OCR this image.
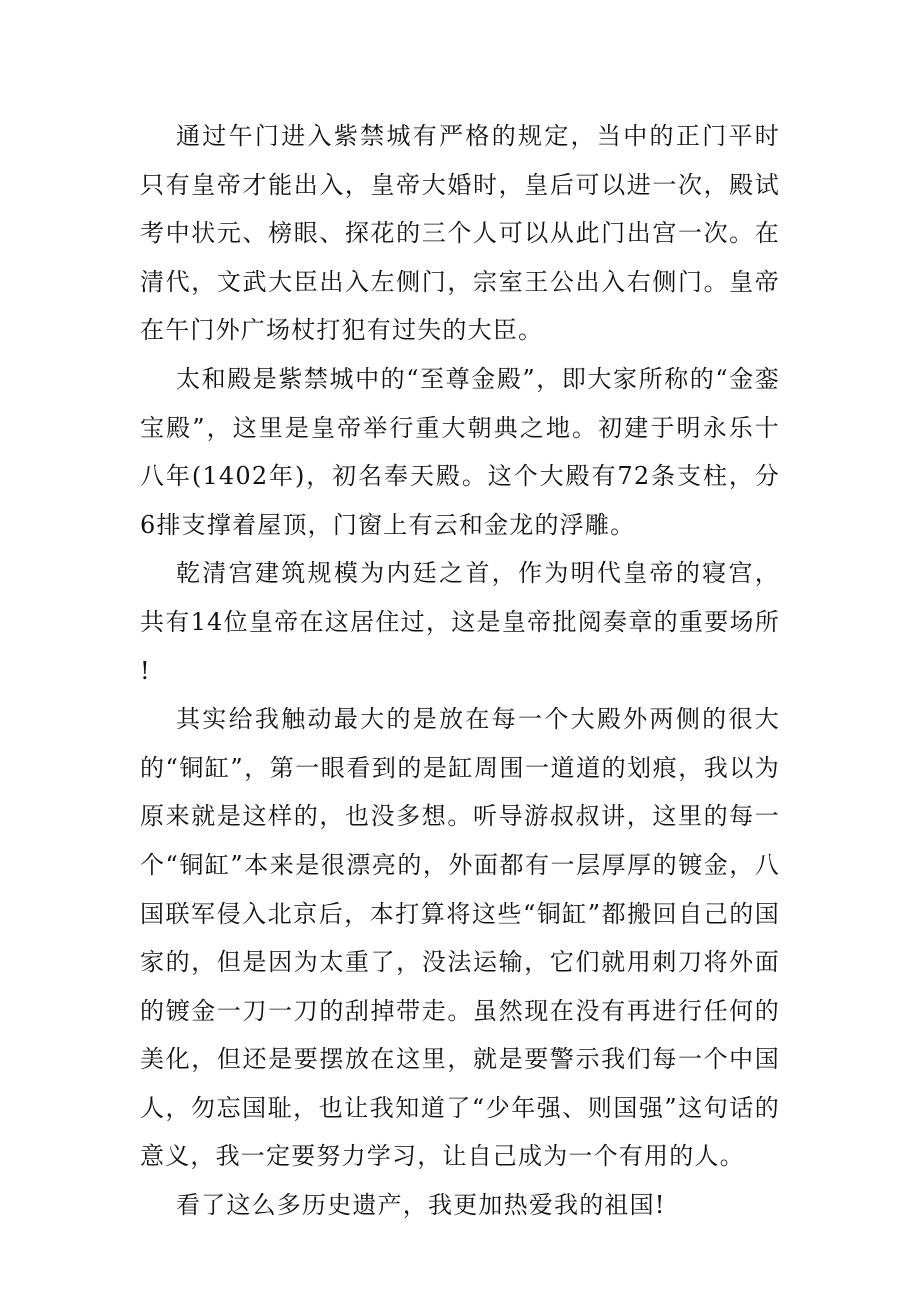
通过午门进入紫禁城有严格的规定，当中的正门平时只有皇帝才能出入，皇帝大婚时，皇后可以进一次，殿试考中状元、榜眼、探花的三个人可以从此门出宫一次。在清代，文武大臣出入左侧门，宗室王公出入右侧门。皇帝在午门外广场杖打犯有过失的大臣。

太和殿是紫禁城中的“至尊金殿”，即大家所称的“金銮宝殿”，这里是皇帝举行重大朝典之地。初建于明永乐十八年(1402年)，初名奉天殿。这个大殿有72条支柱，分6排支撑着屋顶，门窗上有云和金龙的浮雕。

乾清宫建筑规模为内廷之首，作为明代皇帝的寝宫，共有14位皇帝在这居住过，这是皇帝批阅奏章的重要场所!

其实给我触动最大的是放在每一个大殿外两侧的很大的“铜缸”，第一眼看到的是缸周围一道道的划痕，我以为原来就是这样的，也没多想。听导游叔叔讲，这里的每一个“铜缸”本来是很漂亮的，外面都有一层厚厚的镀金，八国联军侵入北京后，本打算将这些“铜缸”都搬回自己的国家的，但是因为太重了，没法运输，它们就用刺刀将外面的镀金一刀一刀的刮掉带走。虽然现在没有再进行任何的美化，但还是要摆放在这里，就是要警示我们每一个中国人，勿忘国耻，也让我知道了“少年强、则国强”这句话的意义，我一定要努力学习，让自己成为一个有用的人。

看了这么多历史遗产，我更加热爱我的祖国!
